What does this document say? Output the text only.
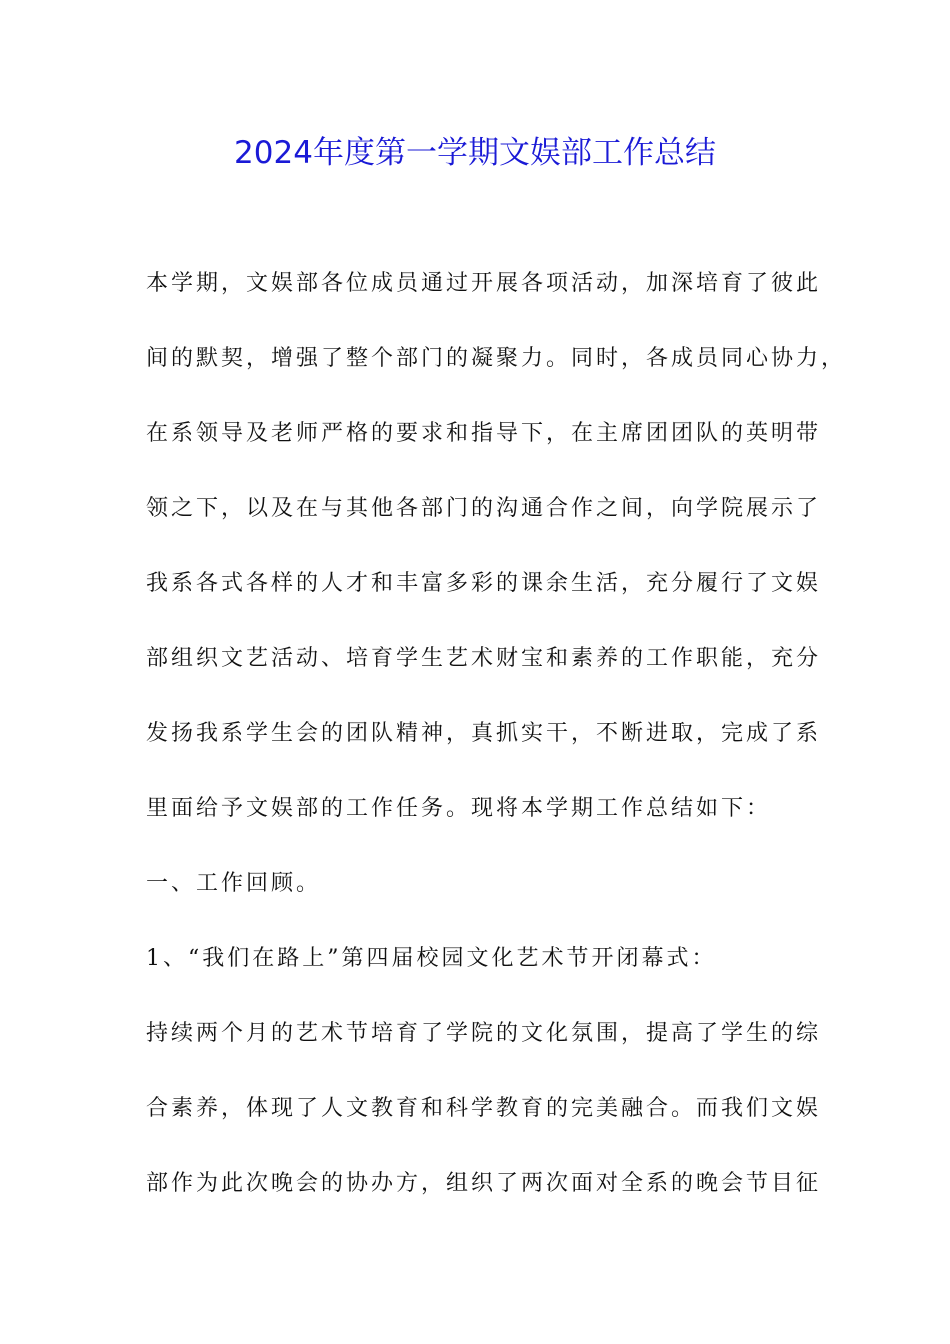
2024年度第一学期文娱部工作总结
本学期，文娱部各位成员通过开展各项活动，加深培育了彼此
间的默契，增强了整个部门的凝聚力。同时，各成员同心协力，
在系领导及老师严格的要求和指导下，在主席团团队的英明带
领之下，以及在与其他各部门的沟通合作之间，向学院展示了
我系各式各样的人才和丰富多彩的课余生活，充分履行了文娱
部组织文艺活动、培育学生艺术财宝和素养的工作职能，充分
发扬我系学生会的团队精神，真抓实干，不断进取，完成了系
里面给予文娱部的工作任务。现将本学期工作总结如下：
一、工作回顾。
1、“我们在路上”第四届校园文化艺术节开闭幕式：
持续两个月的艺术节培育了学院的文化氛围，提高了学生的综
合素养，体现了人文教育和科学教育的完美融合。而我们文娱
部作为此次晚会的协办方，组织了两次面对全系的晚会节目征
